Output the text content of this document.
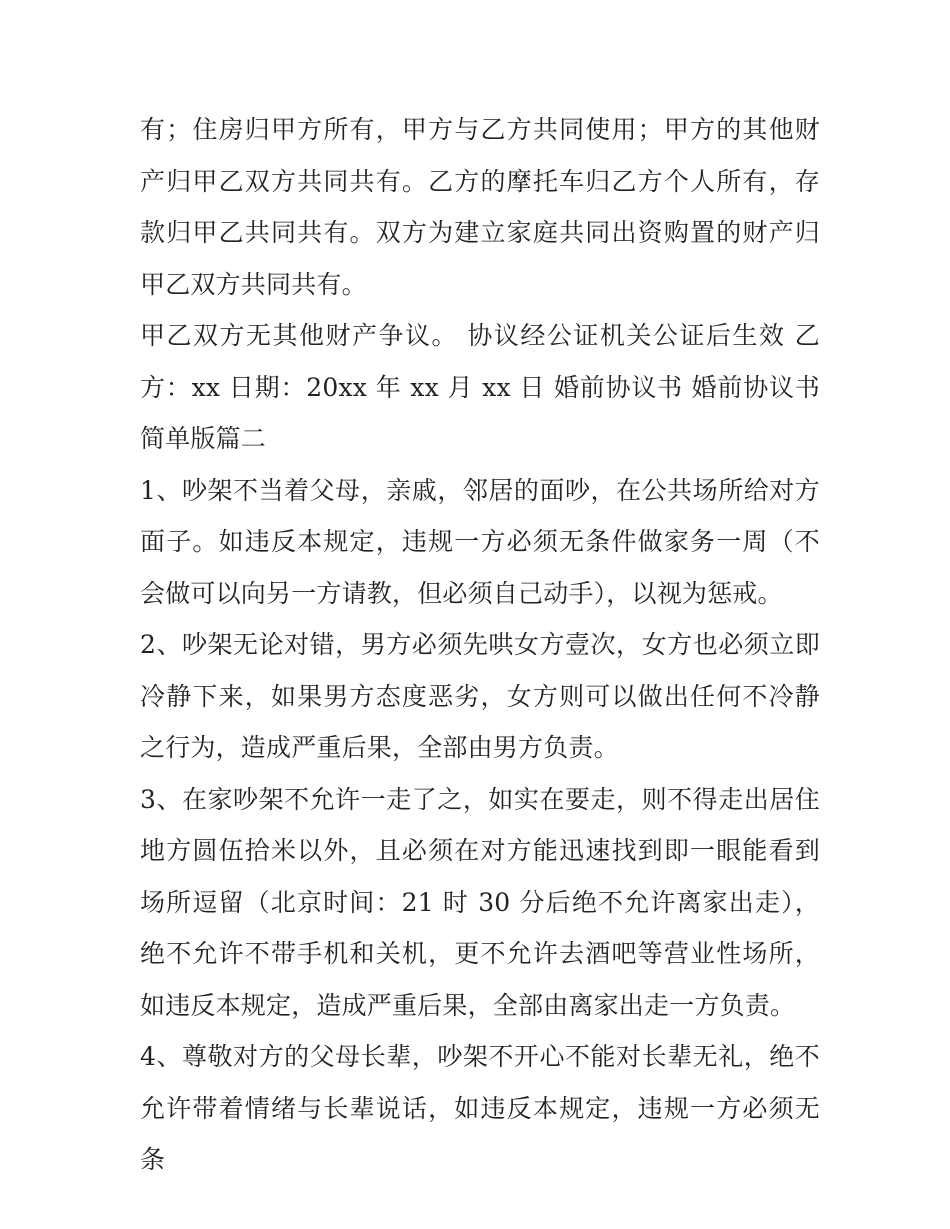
有；住房归甲方所有，甲方与乙方共同使用；甲方的其他财产归甲乙双方共同共有。乙方的摩托车归乙方个人所有，存款归甲乙共同共有。双方为建立家庭共同出资购置的财产归甲乙双方共同共有。

甲乙双方无其他财产争议。 协议经公证机关公证后生效 乙方：xx 日期：20xx 年 xx 月 xx 日 婚前协议书 婚前协议书简单版篇二

1、吵架不当着父母，亲戚，邻居的面吵，在公共场所给对方面子。如违反本规定，违规一方必须无条件做家务一周（不会做可以向另一方请教，但必须自己动手），以视为惩戒。

2、吵架无论对错，男方必须先哄女方壹次，女方也必须立即冷静下来，如果男方态度恶劣，女方则可以做出任何不冷静之行为，造成严重后果，全部由男方负责。

3、在家吵架不允许一走了之，如实在要走，则不得走出居住地方圆伍拾米以外，且必须在对方能迅速找到即一眼能看到场所逗留（北京时间：21 时 30 分后绝不允许离家出走），绝不允许不带手机和关机，更不允许去酒吧等营业性场所，如违反本规定，造成严重后果，全部由离家出走一方负责。

4、尊敬对方的父母长辈，吵架不开心不能对长辈无礼，绝不允许带着情绪与长辈说话，如违反本规定，违规一方必须无条
